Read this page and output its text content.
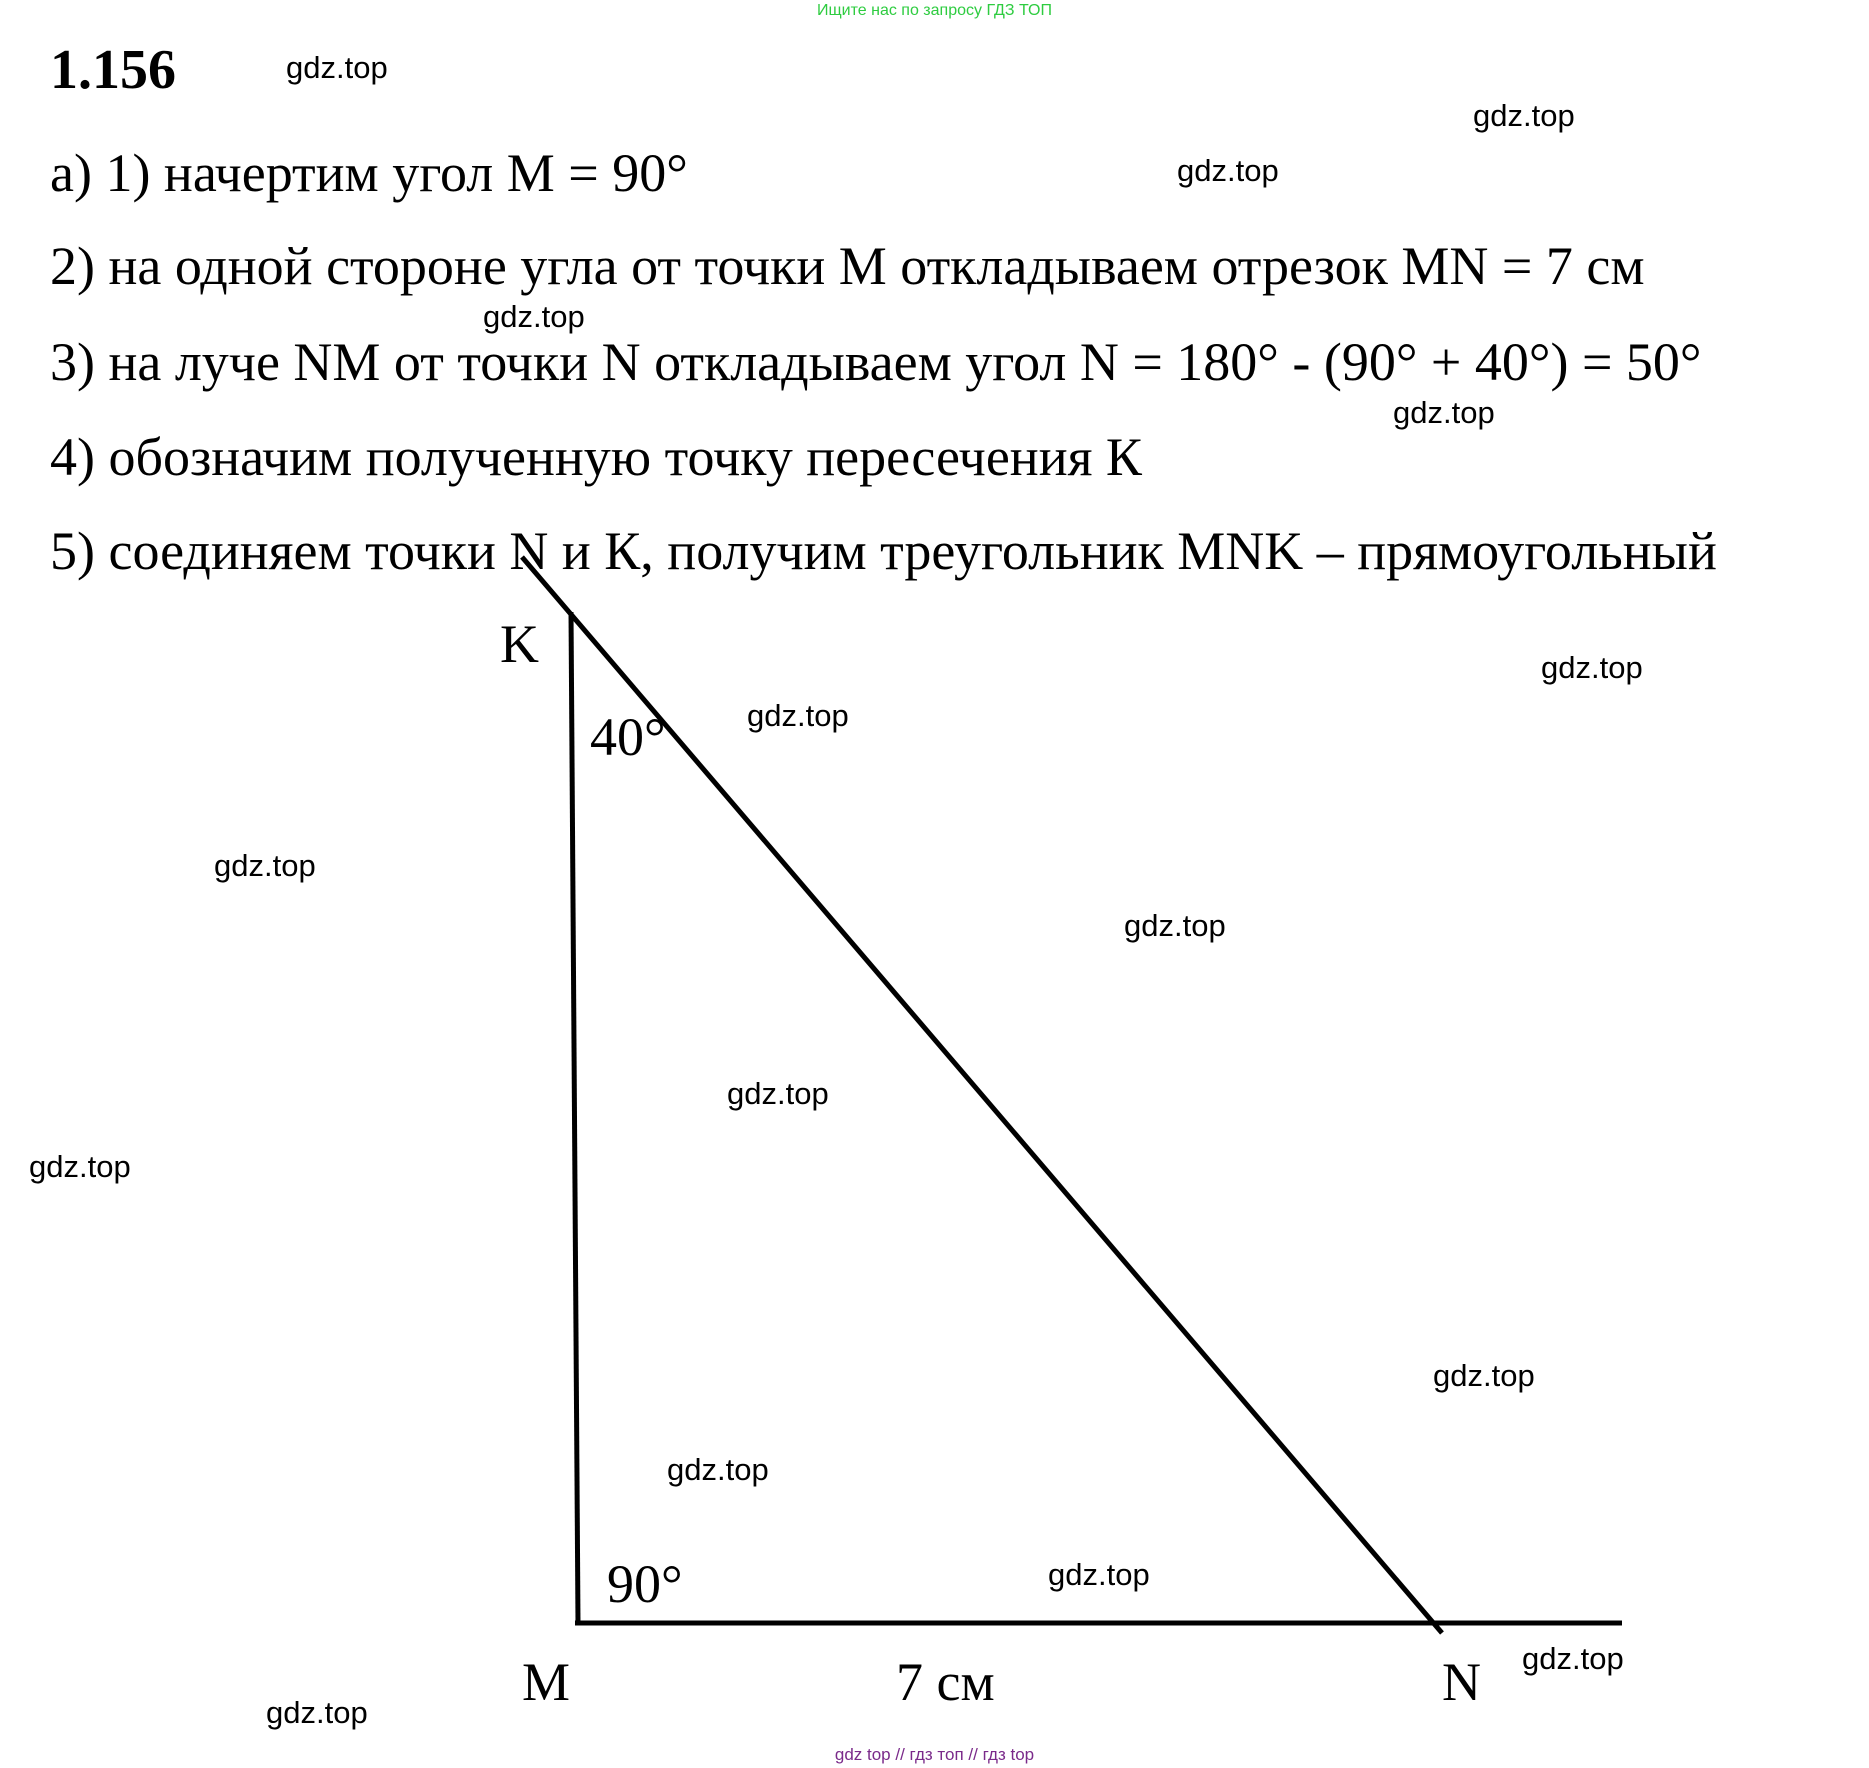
Ищите нас по запросу ГДЗ ТОП
1.156
а) 1) начертим угол М = 90°
2) на одной стороне угла от точки М откладываем отрезок MN = 7 см
3) на луче NM от точки N откладываем угол N = 180° - (90° + 40°) = 50°
4) обозначим полученную точку пересечения К
5) соединяем точки N и К, получим треугольник MNK – прямоугольный
K
40°
90°
M	7 см	N
gdz.top
gdz.top
gdz.top
gdz.top
gdz.top
gdz.top
gdz.top
gdz.top
gdz.top
gdz.top
gdz.top
gdz.top
gdz.top
gdz.top
gdz.top
gdz.top
gdz top // гдз топ // гдз top
